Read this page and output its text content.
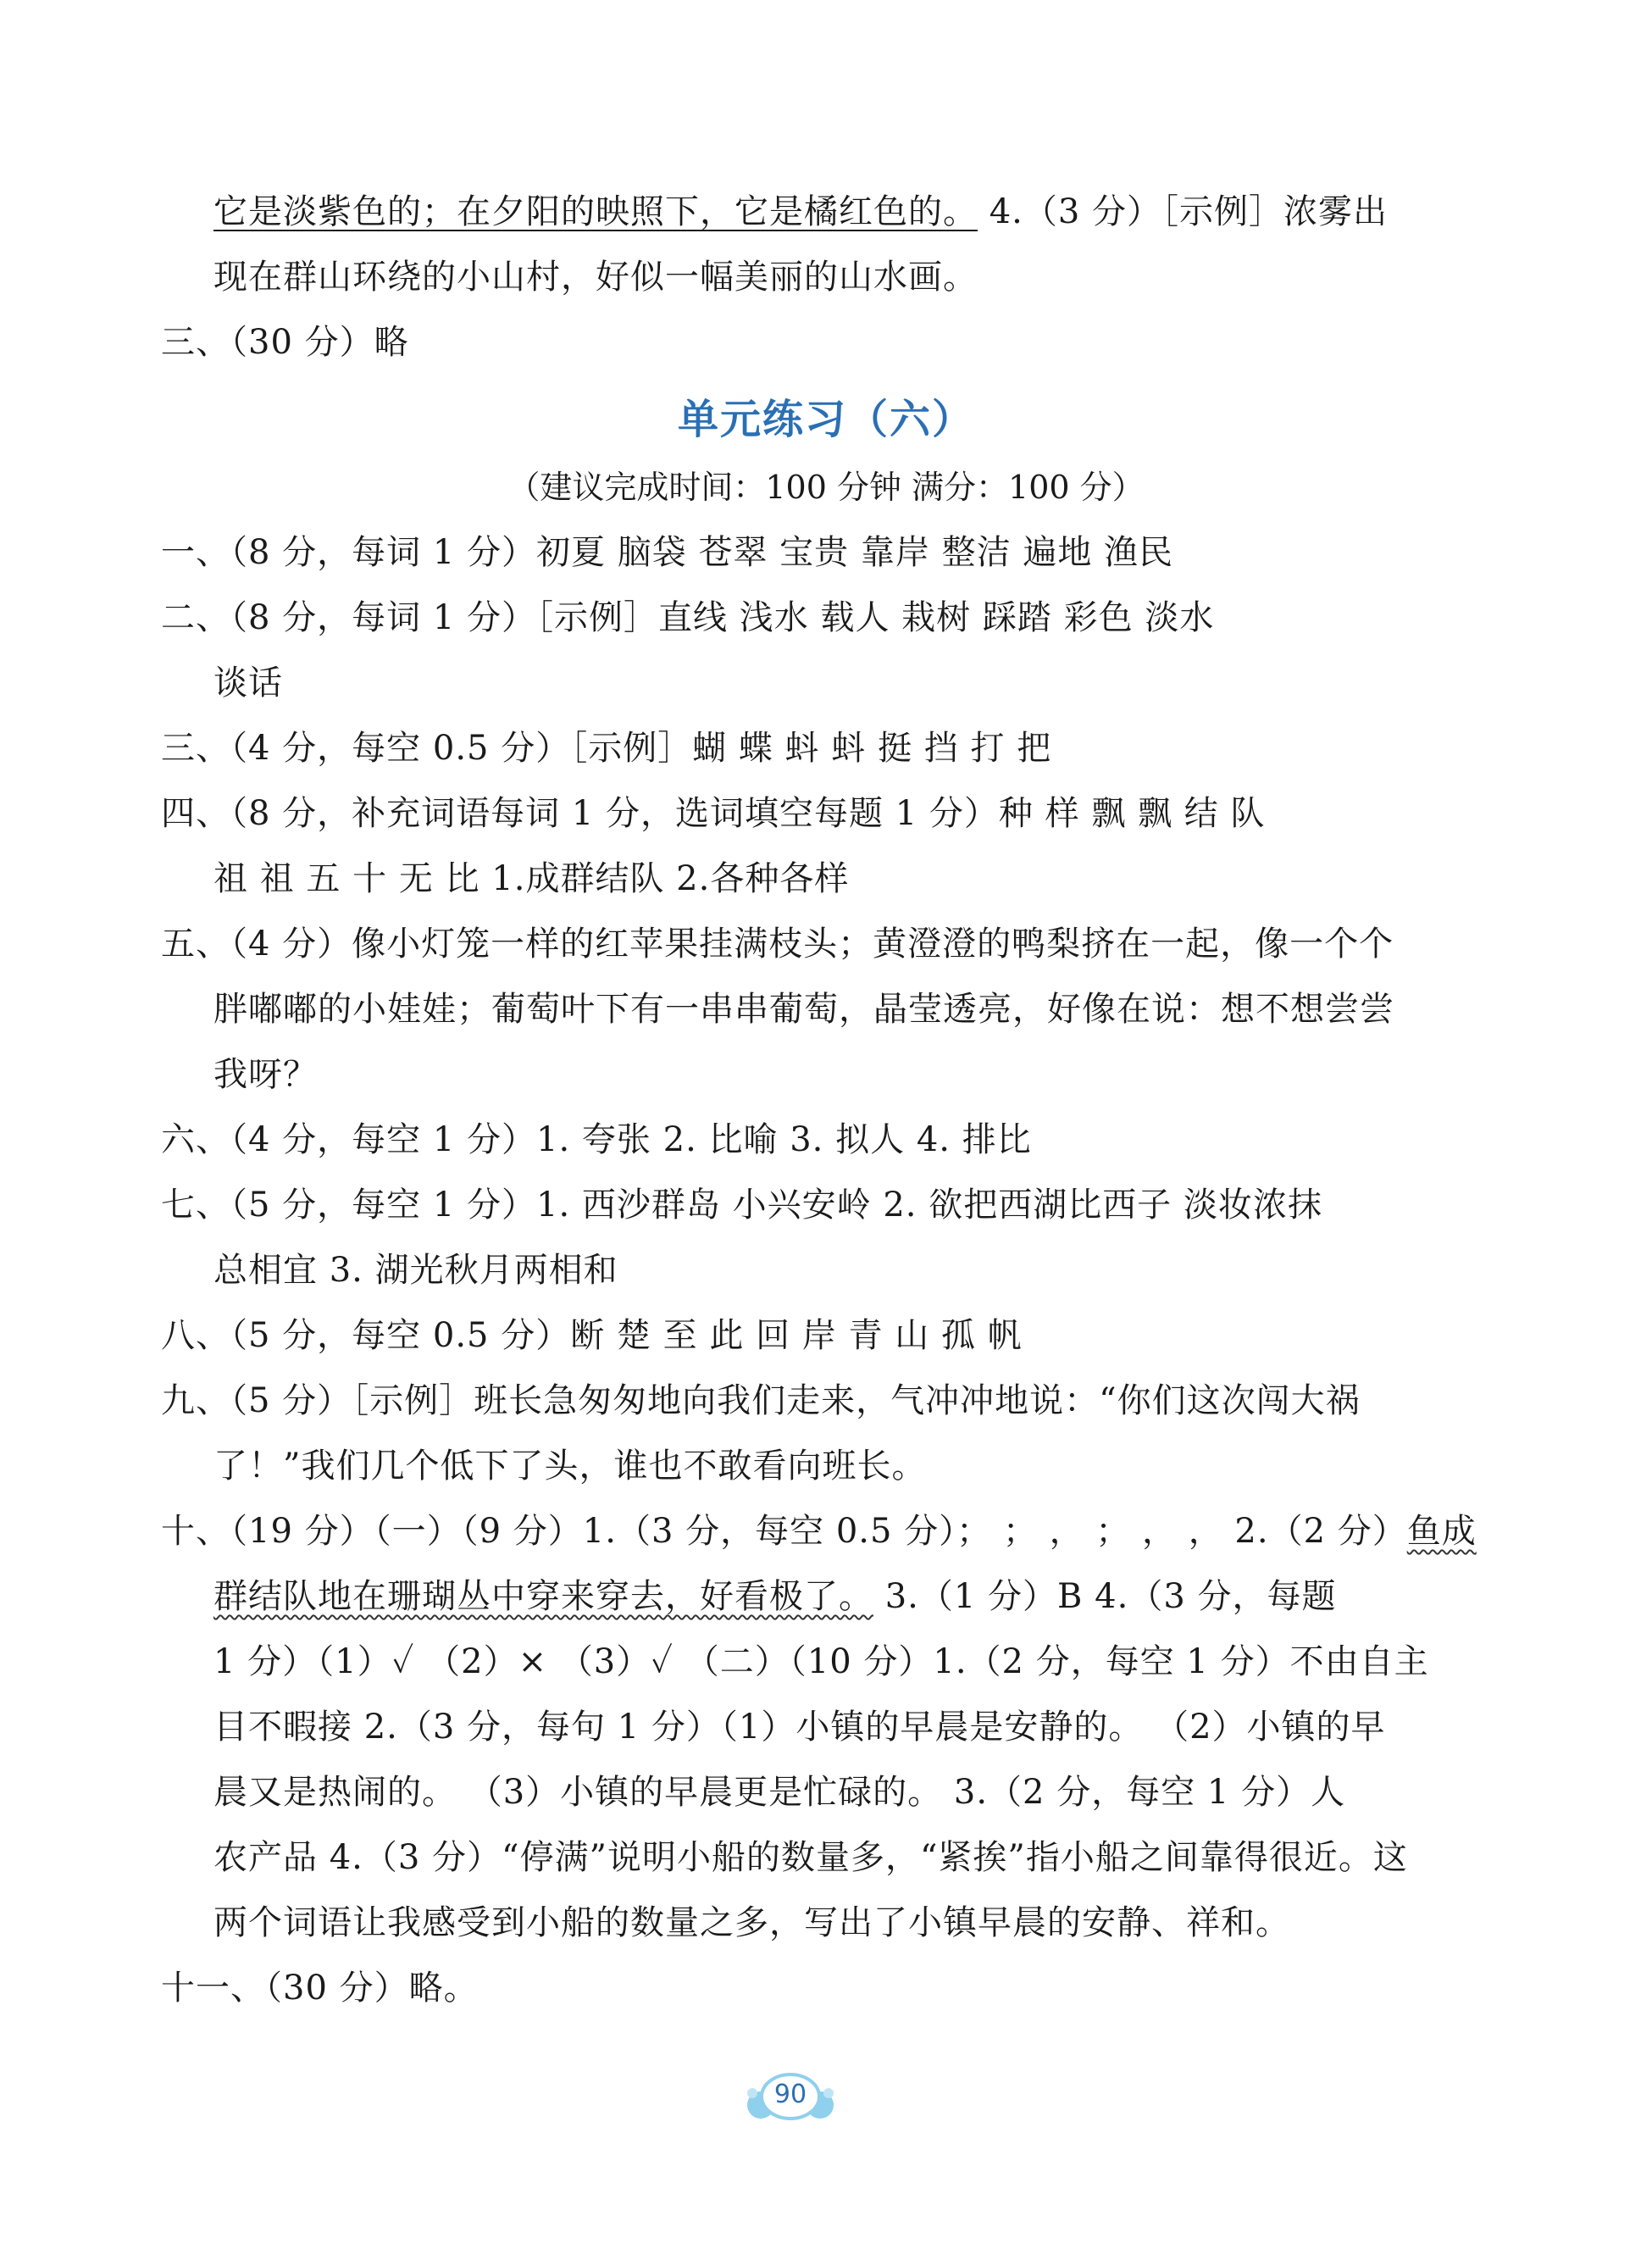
它是淡紫色的；在夕阳的映照下，它是橘红色的。 4.（3 分）［示例］浓雾出
现在群山环绕的小山村，好似一幅美丽的山水画。
三、（30 分）略
单元练习（六）
（建议完成时间：100 分钟 满分：100 分）
一、（8 分，每词 1 分）初夏 脑袋 苍翠 宝贵 靠岸 整洁 遍地 渔民
二、（8 分，每词 1 分）［示例］直线 浅水 载人 栽树 踩踏 彩色 淡水
谈话
三、（4 分，每空 0.5 分）［示例］蝴 蝶 蚪 蚪 挺 挡 打 把
四、（8 分，补充词语每词 1 分，选词填空每题 1 分）种 样 飘 飘 结 队
祖 祖 五 十 无 比 1.成群结队 2.各种各样
五、（4 分）像小灯笼一样的红苹果挂满枝头；黄澄澄的鸭梨挤在一起，像一个个
胖嘟嘟的小娃娃；葡萄叶下有一串串葡萄，晶莹透亮，好像在说：想不想尝尝
我呀？
六、（4 分，每空 1 分）1. 夸张 2. 比喻 3. 拟人 4. 排比
七、（5 分，每空 1 分）1. 西沙群岛 小兴安岭 2. 欲把西湖比西子 淡妆浓抹
总相宜 3. 湖光秋月两相和
八、（5 分，每空 0.5 分）断 楚 至 此 回 岸 青 山 孤 帆
九、（5 分）［示例］班长急匆匆地向我们走来，气冲冲地说：“你们这次闯大祸
了！”我们几个低下了头，谁也不敢看向班长。
十、（19 分）（一）（9 分）1.（3 分，每空 0.5 分）； ； ， ； ， ， 2.（2 分）鱼成
群结队地在珊瑚丛中穿来穿去，好看极了。 3.（1 分）B 4.（3 分，每题
1 分）（1）✓ （2）× （3）✓ （二）（10 分）1.（2 分，每空 1 分）不由自主
目不暇接 2.（3 分，每句 1 分）（1）小镇的早晨是安静的。 （2）小镇的早
晨又是热闹的。 （3）小镇的早晨更是忙碌的。 3.（2 分，每空 1 分）人
农产品 4.（3 分）“停满”说明小船的数量多，“紧挨”指小船之间靠得很近。这
两个词语让我感受到小船的数量之多，写出了小镇早晨的安静、祥和。
十一、（30 分）略。
90
